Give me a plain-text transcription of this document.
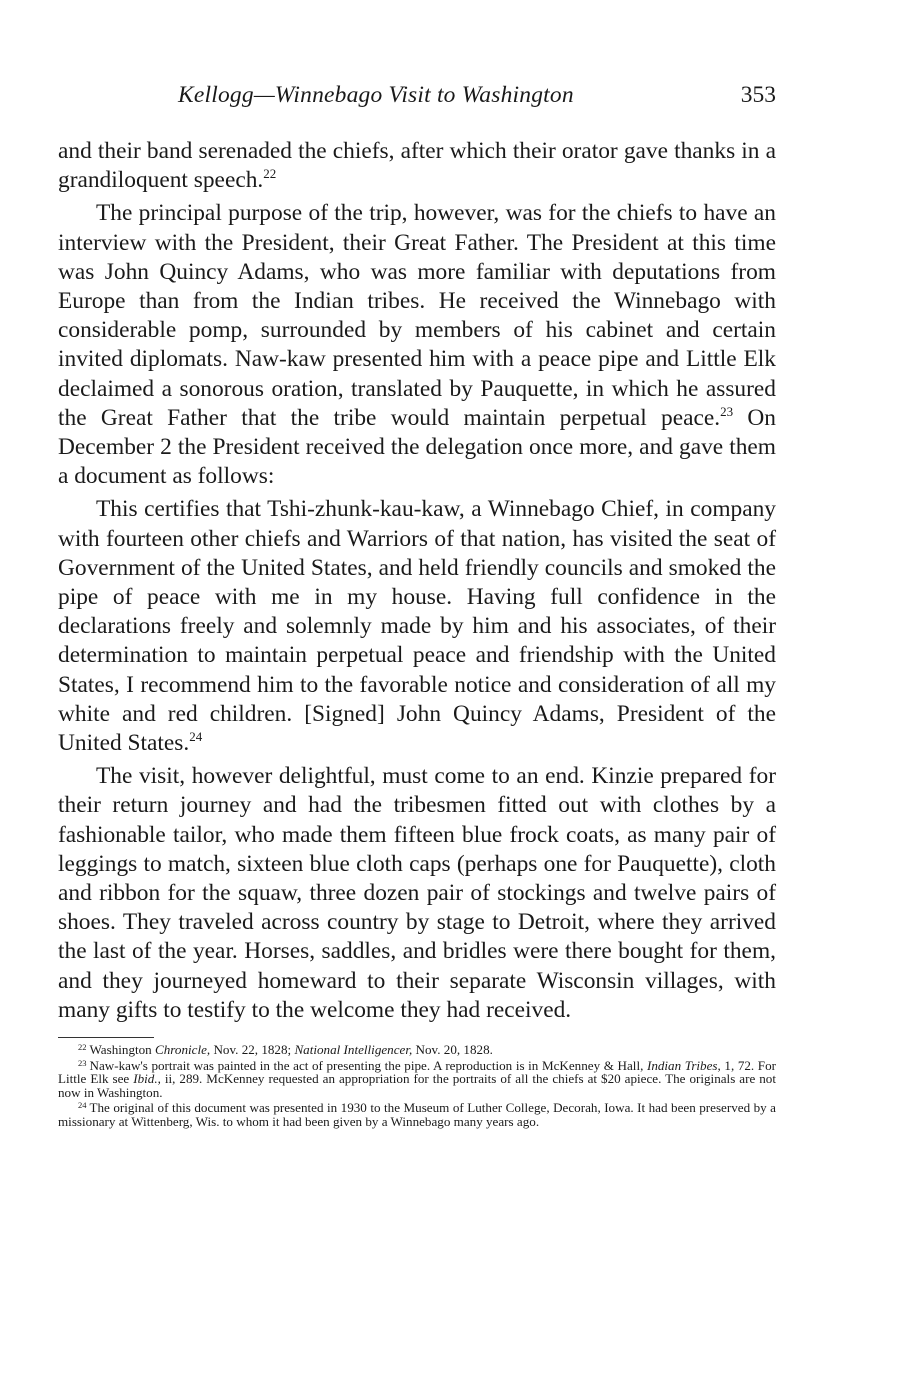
Kellogg—Winnebago Visit to Washington	353

and their band serenaded the chiefs, after which their orator gave thanks in a grandiloquent speech.$^{22}$

The principal purpose of the trip, however, was for the chiefs to have an interview with the President, their Great Father. The President at this time was John Quincy Adams, who was more familiar with deputations from Europe than from the Indian tribes. He received the Winnebago with considerable pomp, surrounded by members of his cabinet and certain invited diplomats. Naw-kaw presented him with a peace pipe and Little Elk declaimed a sonorous oration, translated by Pauquette, in which he assured the Great Father that the tribe would maintain perpetual peace.$^{23}$ On December 2 the President received the delegation once more, and gave them a document as follows:

This certifies that Tshi-zhunk-kau-kaw, a Winnebago Chief, in company with fourteen other chiefs and Warriors of that nation, has visited the seat of Government of the United States, and held friendly councils and smoked the pipe of peace with me in my house. Having full confidence in the declarations freely and solemnly made by him and his associates, of their determination to maintain perpetual peace and friendship with the United States, I recommend him to the favorable notice and consideration of all my white and red children. [Signed] John Quincy Adams, President of the United States.$^{24}$

The visit, however delightful, must come to an end. Kinzie prepared for their return journey and had the tribesmen fitted out with clothes by a fashionable tailor, who made them fifteen blue frock coats, as many pair of leggings to match, sixteen blue cloth caps (perhaps one for Pauquette), cloth and ribbon for the squaw, three dozen pair of stockings and twelve pairs of shoes. They traveled across country by stage to Detroit, where they arrived the last of the year. Horses, saddles, and bridles were there bought for them, and they journeyed homeward to their separate Wisconsin villages, with many gifts to testify to the welcome they had received.

$^{22}$ Washington Chronicle, Nov. 22, 1828; National Intelligencer, Nov. 20, 1828.

$^{23}$ Naw-kaw's portrait was painted in the act of presenting the pipe. A reproduction is in McKenney & Hall, Indian Tribes, 1, 72. For Little Elk see Ibid., ii, 289. McKenney requested an appropriation for the portraits of all the chiefs at $20 apiece. The originals are not now in Washington.

$^{24}$ The original of this document was presented in 1930 to the Museum of Luther College, Decorah, Iowa. It had been preserved by a missionary at Wittenberg, Wis. to whom it had been given by a Winnebago many years ago.
